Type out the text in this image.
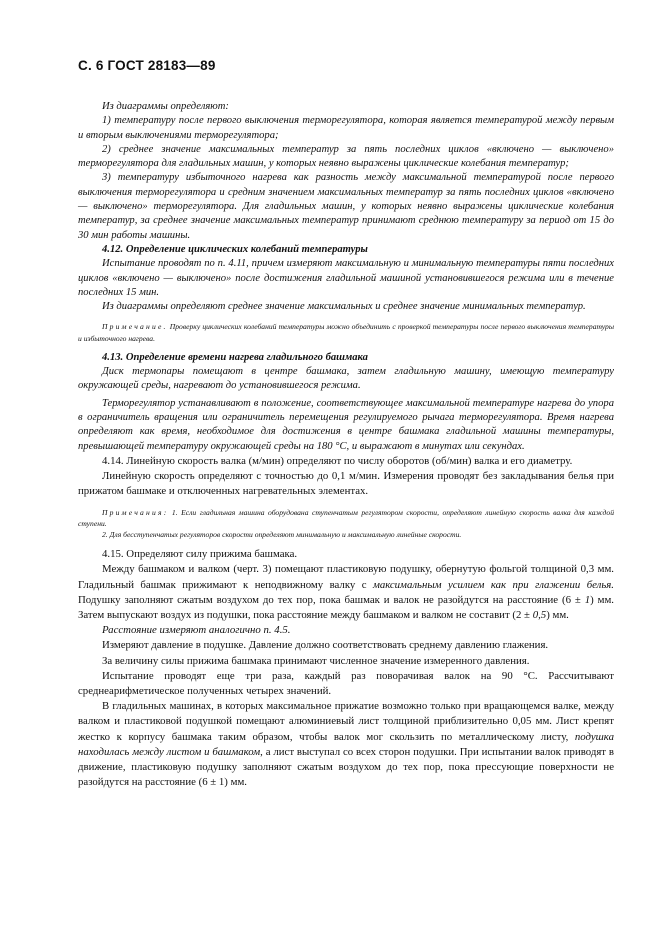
С. 6 ГОСТ 28183—89

Из диаграммы определяют:

1) температуру после первого выключения терморегулятора, которая является температурой между первым и вторым выключениями терморегулятора;

2) среднее значение максимальных температур за пять последних циклов «включено — выключено» терморегулятора для гладильных машин, у которых неявно выражены циклические колебания температур;

3) температуру избыточного нагрева как разность между максимальной температурой после первого выключения терморегулятора и средним значением максимальных температур за пять последних циклов «включено — выключено» терморегулятора. Для гладильных машин, у которых неявно выражены циклические колебания температур, за среднее значение максимальных температур принимают среднюю температуру за период от 15 до 30 мин работы машины.

4.12. Определение циклических колебаний температуры

Испытание проводят по п. 4.11, причем измеряют максимальную и минимальную температуры пяти последних циклов «включено — выключено» после достижения гладильной машиной установившегося режима или в течение последних 15 мин.

Из диаграммы определяют среднее значение максимальных и среднее значение минимальных температур.

Примечание. Проверку циклических колебаний температуры можно объединить с проверкой температуры после первого выключения температуры и избыточного нагрева.

4.13. Определение времени нагрева гладильного башмака

Диск термопары помещают в центре башмака, затем гладильную машину, имеющую температуру окружающей среды, нагревают до установившегося режима.

Терморегулятор устанавливают в положение, соответствующее максимальной температуре нагрева до упора в ограничитель вращения или ограничитель перемещения регулируемого рычага терморегулятора. Время нагрева определяют как время, необходимое для достижения в центре башмака гладильной машины температуры, превышающей температуру окружающей среды на 180 °С, и выражают в минутах или секундах.

4.14. Линейную скорость валка (м/мин) определяют по числу оборотов (об/мин) валка и его диаметру.

Линейную скорость определяют с точностью до 0,1 м/мин. Измерения проводят без закладывания белья при прижатом башмаке и отключенных нагревательных элементах.

Примечания: 1. Если гладильная машина оборудована ступенчатым регулятором скорости, определяют линейную скорость валка для каждой ступени.

2. Для бесступенчатых регуляторов скорости определяют минимальную и максимальную линейные скорости.

4.15. Определяют силу прижима башмака.

Между башмаком и валком (черт. 3) помещают пластиковую подушку, обернутую фольгой толщиной 0,3 мм. Гладильный башмак прижимают к неподвижному валку с максимальным усилием как при глажении белья. Подушку заполняют сжатым воздухом до тех пор, пока башмак и валок не разойдутся на расстояние (6 ± 1) мм. Затем выпускают воздух из подушки, пока расстояние между башмаком и валком не составит (2 ± 0,5) мм.

Расстояние измеряют аналогично п. 4.5.

Измеряют давление в подушке. Давление должно соответствовать среднему давлению глажения.

За величину силы прижима башмака принимают численное значение измеренного давления.

Испытание проводят еще три раза, каждый раз поворачивая валок на 90 °С. Рассчитывают среднеарифметическое полученных четырех значений.

В гладильных машинах, в которых максимальное прижатие возможно только при вращающемся валке, между валком и пластиковой подушкой помещают алюминиевый лист толщиной приблизительно 0,05 мм. Лист крепят жестко к корпусу башмака таким образом, чтобы валок мог скользить по металлическому листу, подушка находилась между листом и башмаком, а лист выступал со всех сторон подушки. При испытании валок приводят в движение, пластиковую подушку заполняют сжатым воздухом до тех пор, пока прессующие поверхности не разойдутся на расстояние (6 ± 1) мм.
